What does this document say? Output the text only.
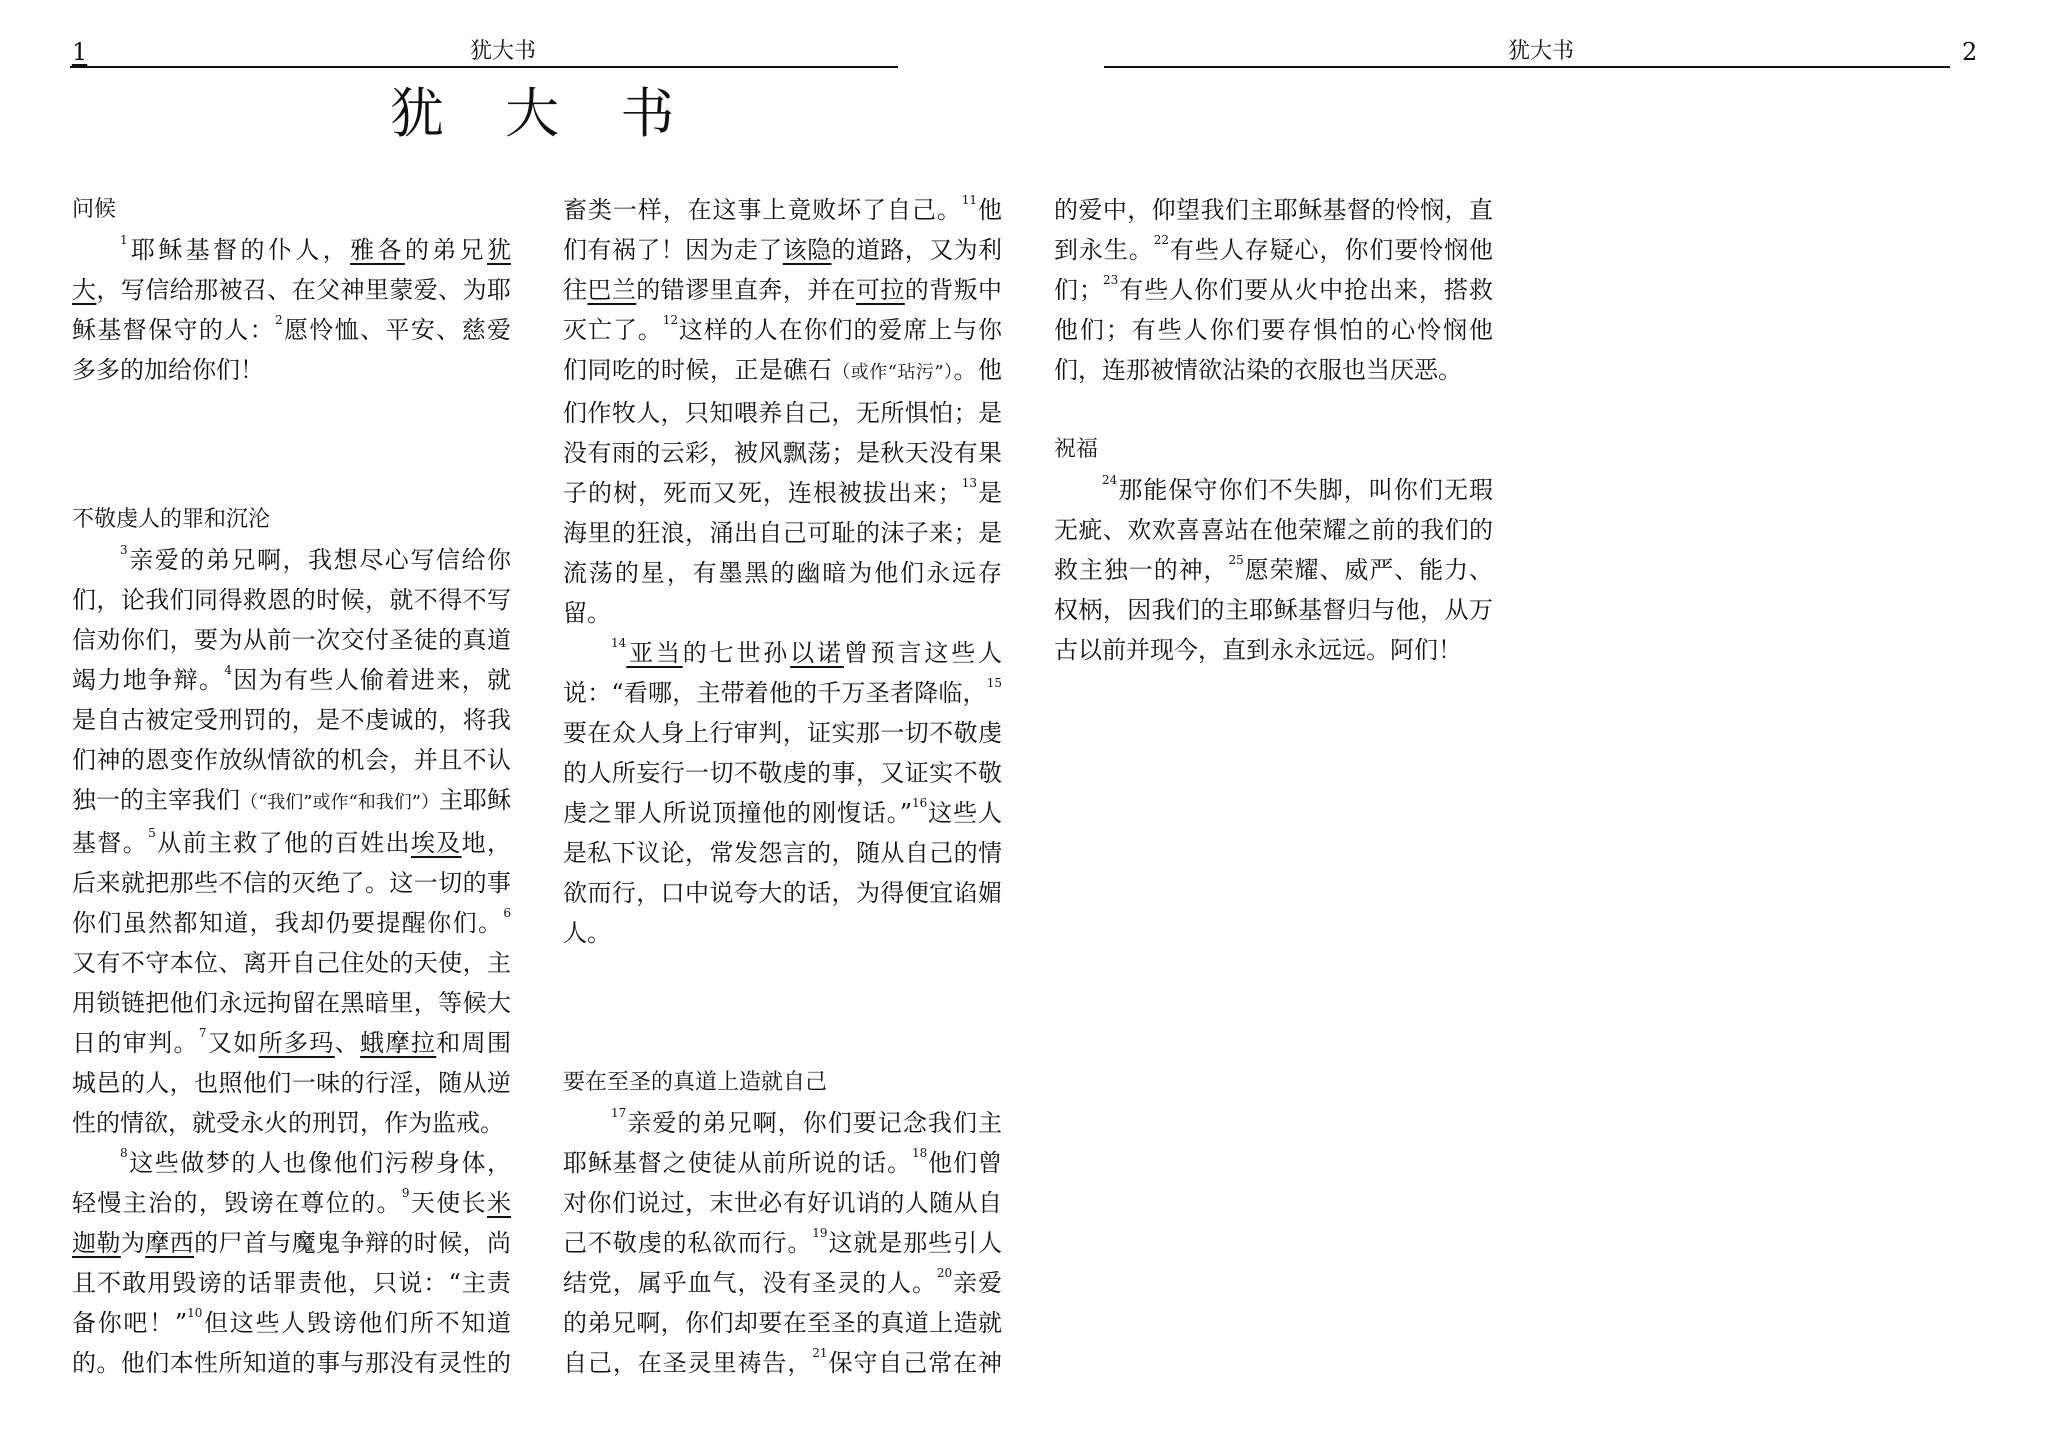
1	犹大书
犹 大 书
犹大书	2
问候

$^1$耶稣基督的仆人，雅各的弟兄犹大，写信给那被召、在父神里蒙爱、为耶稣基督保守的人：$^2$愿怜恤、平安、慈爱多多的加给你们！

不敬虔人的罪和沉沦

$^3$亲爱的弟兄啊，我想尽心写信给你们，论我们同得救恩的时候，就不得不写信劝你们，要为从前一次交付圣徒的真道竭力地争辩。$^4$因为有些人偷着进来，就是自古被定受刑罚的，是不虔诚的，将我们神的恩变作放纵情欲的机会，并且不认独一的主宰我们（“我们”或作“和我们”）主耶稣基督。$^5$从前主救了他的百姓出埃及地，后来就把那些不信的灭绝了。这一切的事你们虽然都知道，我却仍要提醒你们。$^6$又有不守本位、离开自己住处的天使，主用锁链把他们永远拘留在黑暗里，等候大日的审判。$^7$又如所多玛、蛾摩拉和周围城邑的人，也照他们一味的行淫，随从逆性的情欲，就受永火的刑罚，作为监戒。

$^8$这些做梦的人也像他们污秽身体，轻慢主治的，毁谤在尊位的。$^9$天使长米迦勒为摩西的尸首与魔鬼争辩的时候，尚且不敢用毁谤的话罪责他，只说：“主责备你吧！”$^{10}$但这些人毁谤他们所不知道的。他们本性所知道的事与那没有灵性的畜类一样，在这事上竟败坏了自己。$^{11}$他们有祸了！因为走了该隐的道路，又为利往巴兰的错谬里直奔，并在可拉的背叛中灭亡了。$^{12}$这样的人在你们的爱席上与你们同吃的时候，正是礁石（或作“玷污”）。他们作牧人，只知喂养自己，无所惧怕；是没有雨的云彩，被风飘荡；是秋天没有果子的树，死而又死，连根被拔出来；$^{13}$是海里的狂浪，涌出自己可耻的沫子来；是流荡的星，有墨黑的幽暗为他们永远存留。

$^{14}$亚当的七世孙以诺曾预言这些人说：“看哪，主带着他的千万圣者降临，$^{15}$要在众人身上行审判，证实那一切不敬虔的人所妄行一切不敬虔的事，又证实不敬虔之罪人所说顶撞他的刚愎话。”$^{16}$这些人是私下议论，常发怨言的，随从自己的情欲而行，口中说夸大的话，为得便宜谄媚人。

要在至圣的真道上造就自己

$^{17}$亲爱的弟兄啊，你们要记念我们主耶稣基督之使徒从前所说的话。$^{18}$他们曾对你们说过，末世必有好讥诮的人随从自己不敬虔的私欲而行。$^{19}$这就是那些引人结党，属乎血气，没有圣灵的人。$^{20}$亲爱的弟兄啊，你们却要在至圣的真道上造就自己，在圣灵里祷告，$^{21}$保守自己常在神的爱中，仰望我们主耶稣基督的怜悯，直到永生。$^{22}$有些人存疑心，你们要怜悯他们；$^{23}$有些人你们要从火中抢出来，搭救他们；有些人你们要存惧怕的心怜悯他们，连那被情欲沾染的衣服也当厌恶。

祝福

$^{24}$那能保守你们不失脚，叫你们无瑕无疵、欢欢喜喜站在他荣耀之前的我们的救主独一的神，$^{25}$愿荣耀、威严、能力、权柄，因我们的主耶稣基督归与他，从万古以前并现今，直到永永远远。阿们！
